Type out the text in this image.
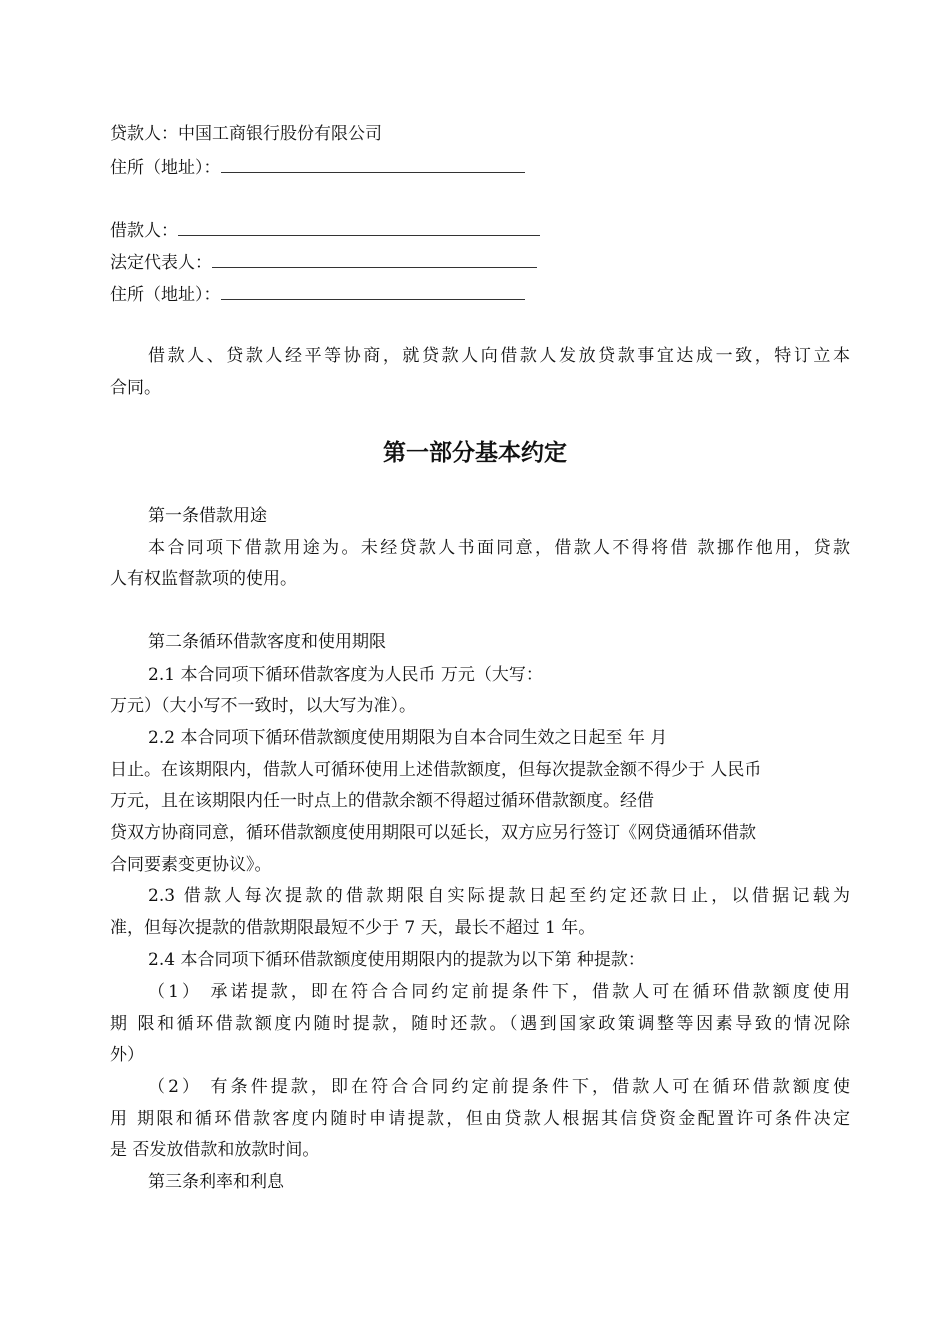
贷款人：中国工商银行股份有限公司
住所（地址）：
借款人：
法定代表人：
住所（地址）：
借款人、贷款人经平等协商，就贷款人向借款人发放贷款事宜达成一致，特订立本
合同。
第一部分基本约定
第一条借款用途
本合同项下借款用途为。未经贷款人书面同意，借款人不得将借 款挪作他用，贷款
人有权监督款项的使用。
第二条循环借款客度和使用期限
2.1 本合同项下循环借款客度为人民币 万元（大写：
万元）（大小写不一致时，以大写为准）。
2.2 本合同项下循环借款额度使用期限为自本合同生效之日起至 年 月
日止。在该期限内，借款人可循环使用上述借款额度，但每次提款金额不得少于 人民币
万元，且在该期限内任一时点上的借款余额不得超过循环借款额度。经借
贷双方协商同意，循环借款额度使用期限可以延长，双方应另行签订《网贷通循环借款
合同要素变更协议》。
2.3 借款人每次提款的借款期限自实际提款日起至约定还款日止，以借据记载为
准，但每次提款的借款期限最短不少于 7 天，最长不超过 1 年。
2.4 本合同项下循环借款额度使用期限内的提款为以下第 种提款：
（1） 承诺提款，即在符合合同约定前提条件下，借款人可在循环借款额度使用
期 限和循环借款额度内随时提款，随时还款。（遇到国家政策调整等因素导致的情况除
外）
（2） 有条件提款，即在符合合同约定前提条件下，借款人可在循环借款额度使
用 期限和循环借款客度内随时申请提款，但由贷款人根据其信贷资金配置许可条件决定
是 否发放借款和放款时间。
第三条利率和利息
